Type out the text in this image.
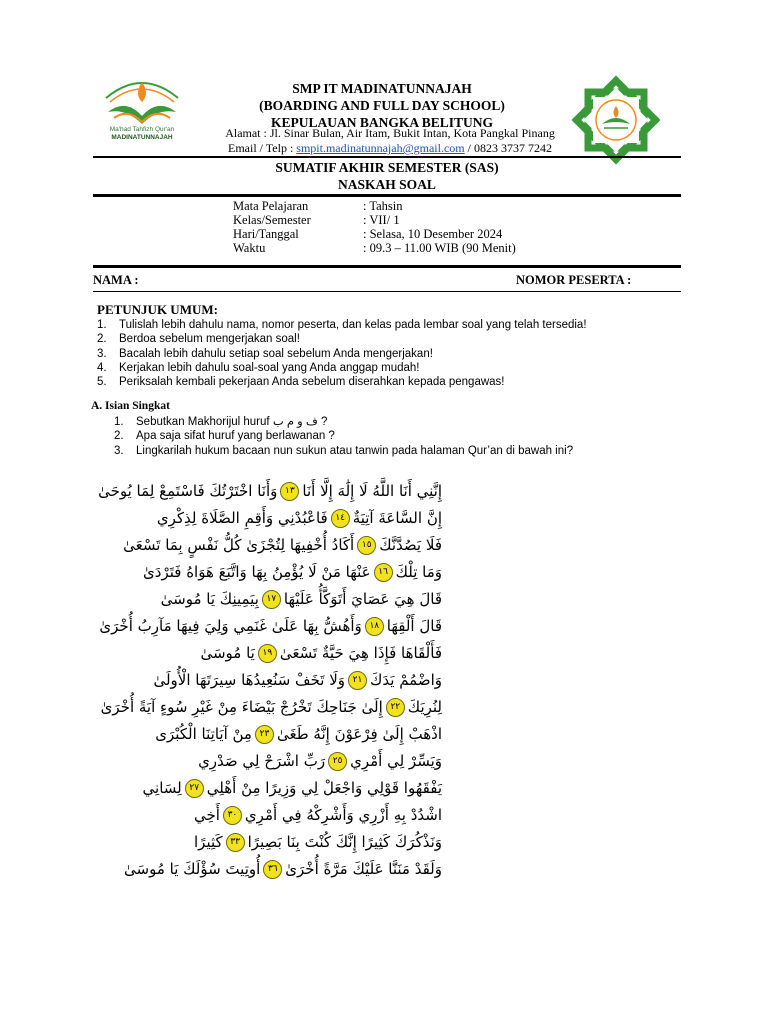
Ma'had Tahfizh Qur'an
MADINATUNNAJAH
SMP IT MADINATUNNAJAH
(BOARDING AND FULL DAY SCHOOL)
KEPULAUAN BANGKA BELITUNG
Alamat : Jl. Sinar Bulan, Air Itam, Bukit Intan, Kota Pangkal Pinang
Email / Telp : smpit.madinatunnajah@gmail.com / 0823 3737 7242
SUMATIF AKHIR SEMESTER (SAS)
NASKAH SOAL
Mata Pelajaran	: Tahsin
Kelas/Semester	: VII/ 1
Hari/Tanggal	: Selasa, 10 Desember 2024
Waktu	: 09.3 – 11.00 WIB (90 Menit)
NAMA :	NOMOR PESERTA :
PETUNJUK UMUM:
1. Tulislah lebih dahulu nama, nomor peserta, dan kelas pada lembar soal yang telah tersedia!
2. Berdoa sebelum mengerjakan soal!
3. Bacalah lebih dahulu setiap soal sebelum Anda mengerjakan!
4. Kerjakan lebih dahulu soal-soal yang Anda anggap mudah!
5. Periksalah kembali pekerjaan Anda sebelum diserahkan kepada pengawas!
A. Isian Singkat
1. Sebutkan Makhorijul huruf ف و م ب ?
2. Apa saja sifat huruf yang berlawanan ?
3. Lingkarilah hukum bacaan nun sukun atau tanwin pada halaman Qur’an di bawah ini?
إِنَّنِي أَنَا اللَّهُ لَا إِلَٰهَ إِلَّا أَنَا١٣وَأَنَا اخْتَرْتُكَ فَاسْتَمِعْ لِمَا يُوحَىٰ
إِنَّ السَّاعَةَ آتِيَةٌ١٤فَاعْبُدْنِي وَأَقِمِ الصَّلَاةَ لِذِكْرِي
فَلَا يَصُدَّنَّكَ١٥أَكَادُ أُخْفِيهَا لِتُجْزَىٰ كُلُّ نَفْسٍ بِمَا تَسْعَىٰ
وَمَا تِلْكَ١٦عَنْهَا مَنْ لَا يُؤْمِنُ بِهَا وَاتَّبَعَ هَوَاهُ فَتَرْدَىٰ
قَالَ هِيَ عَصَايَ أَتَوَكَّأُ عَلَيْهَا١٧بِيَمِينِكَ يَا مُوسَىٰ
قَالَ أَلْقِهَا١٨وَأَهُشُّ بِهَا عَلَىٰ غَنَمِي وَلِيَ فِيهَا مَآرِبُ أُخْرَىٰ
فَأَلْقَاهَا فَإِذَا هِيَ حَيَّةٌ تَسْعَىٰ١٩يَا مُوسَىٰ
وَاضْمُمْ يَدَكَ٢١وَلَا تَخَفْ سَنُعِيدُهَا سِيرَتَهَا الْأُولَىٰ
لِنُرِيَكَ٢٢إِلَىٰ جَنَاحِكَ تَخْرُجْ بَيْضَاءَ مِنْ غَيْرِ سُوءٍ آيَةً أُخْرَىٰ
اذْهَبْ إِلَىٰ فِرْعَوْنَ إِنَّهُ طَغَىٰ٢٣مِنْ آيَاتِنَا الْكُبْرَى
وَيَسِّرْ لِي أَمْرِي٢٥رَبِّ اشْرَحْ لِي صَدْرِي
يَفْقَهُوا قَوْلِي وَاجْعَلْ لِي وَزِيرًا مِنْ أَهْلِي٢٧لِسَانِي
اشْدُدْ بِهِ أَزْرِي وَأَشْرِكْهُ فِي أَمْرِي٣٠أَخِي
وَنَذْكُرَكَ كَثِيرًا إِنَّكَ كُنْتَ بِنَا بَصِيرًا٣٣كَثِيرًا
وَلَقَدْ مَنَنَّا عَلَيْكَ مَرَّةً أُخْرَىٰ٣٦أُوتِيتَ سُؤْلَكَ يَا مُوسَىٰ
